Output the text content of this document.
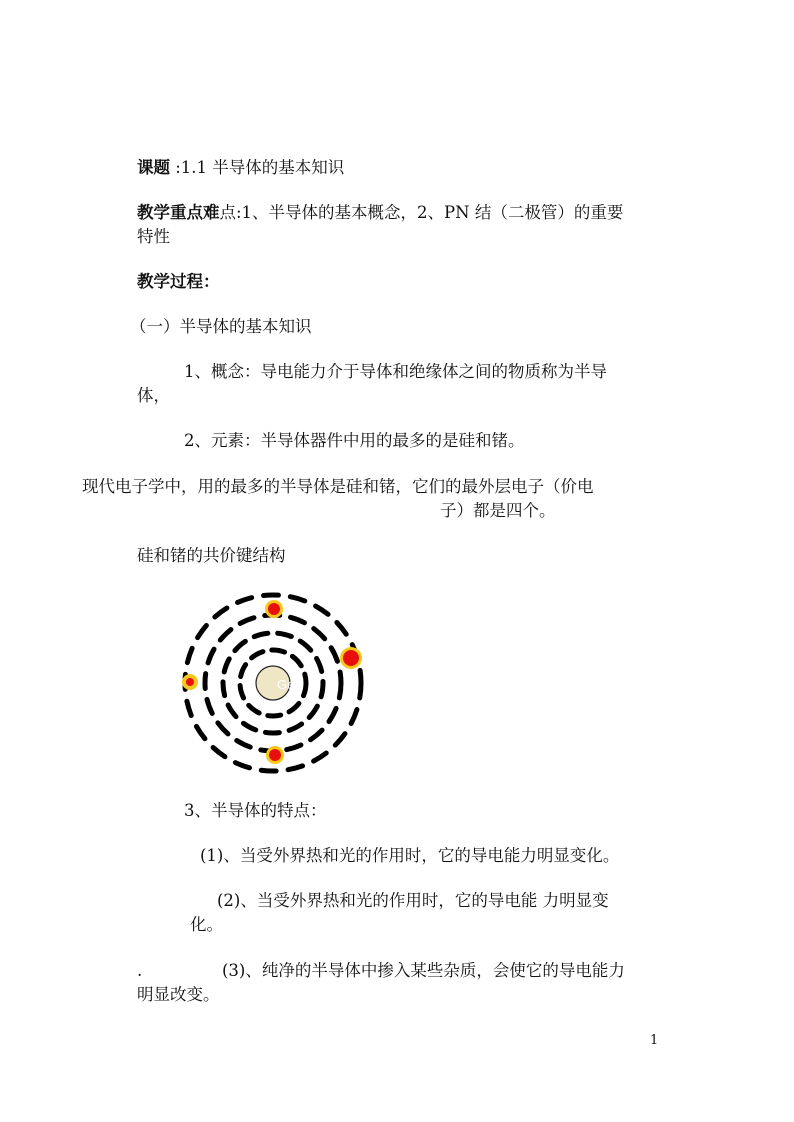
课题 :1.1 半导体的基本知识
教学重点难点:1、半导体的基本概念，2、PN 结（二极管）的重要
特性
教学过程：
（一）半导体的基本知识
1、概念：导电能力介于导体和绝缘体之间的物质称为半导
体，
2、元素：半导体器件中用的最多的是硅和锗。
现代电子学中，用的最多的半导体是硅和锗，它们的最外层电子（价电
子）都是四个。
硅和锗的共价键结构
Ge
3、半导体的特点：
(1)、当受外界热和光的作用时，它的导电能力明显变化。
(2)、当受外界热和光的作用时，它的导电能 力明显变
化。
.	(3)、纯净的半导体中掺入某些杂质，会使它的导电能力
明显改变。
1
